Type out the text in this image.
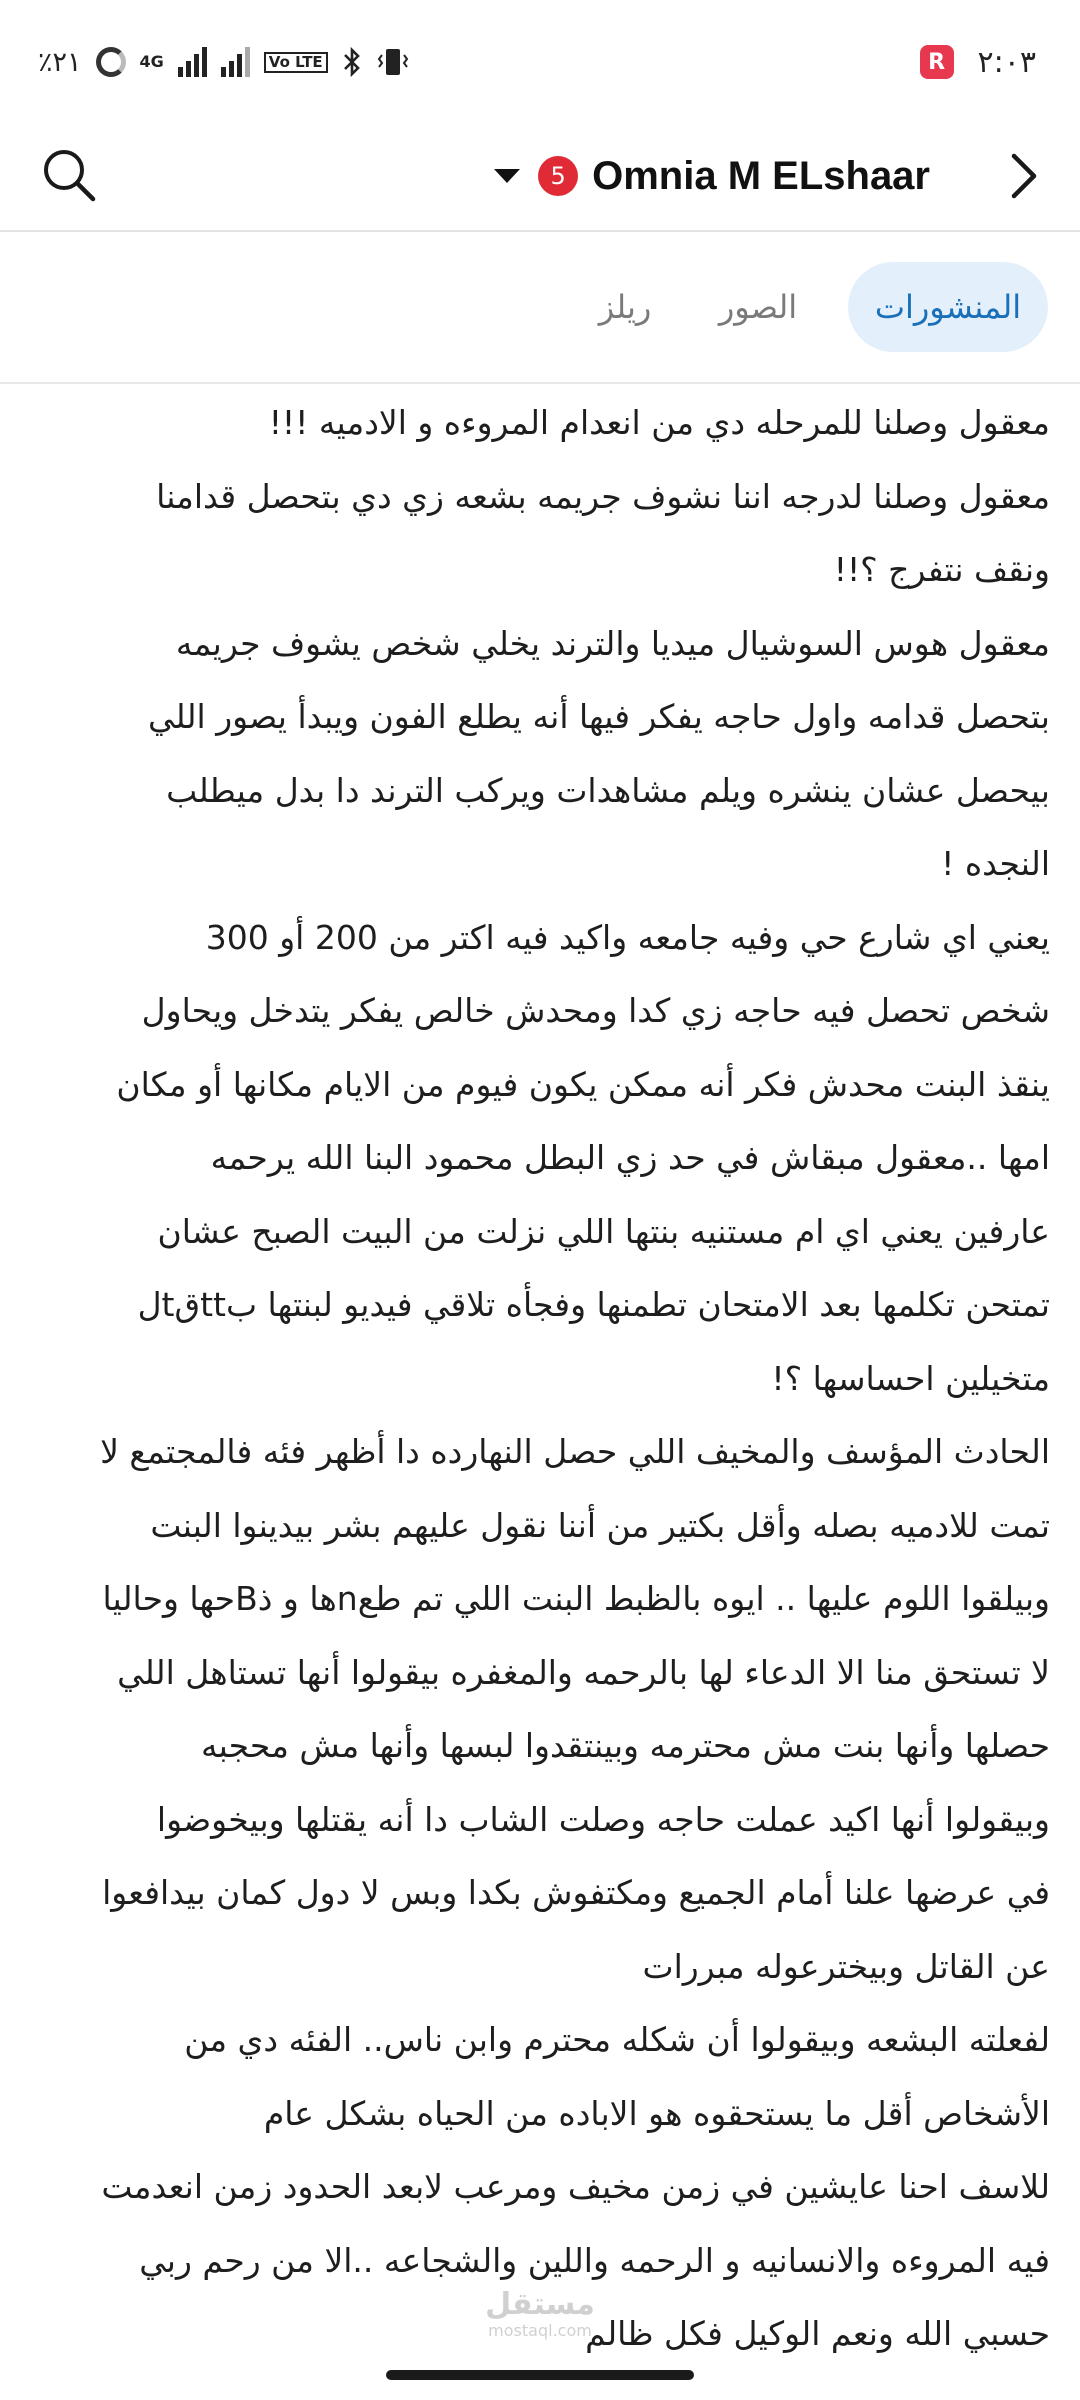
٪٢١	4G	Vo LTE	R ٢:٠٣
5 Omnia M ELshaar
المنشورات
الصور
ريلز
معقول وصلنا للمرحله دي من انعدام المروءه و الادميه !!!
معقول وصلنا لدرجه اننا نشوف جريمه بشعه زي دي بتحصل قدامنا
ونقف نتفرج ؟!!
معقول هوس السوشيال ميديا والترند يخلي شخص يشوف جريمه
بتحصل قدامه واول حاجه يفكر فيها أنه يطلع الفون ويبدأ يصور اللي
بيحصل عشان ينشره ويلم مشاهدات ويركب الترند دا بدل ميطلب
النجده !
يعني اي شارع حي وفيه جامعه واكيد فيه اكتر من 200 أو 300
شخص تحصل فيه حاجه زي كدا ومحدش خالص يفكر يتدخل ويحاول
ينقذ البنت محدش فكر أنه ممكن يكون فيوم من الايام مكانها أو مكان
امها ..معقول مبقاش في حد زي البطل محمود البنا الله يرحمه
عارفين يعني اي ام مستنيه بنتها اللي نزلت من البيت الصبح عشان
تمتحن تكلمها بعد الامتحان تطمنها وفجأه تلاقي فيديو لبنتها بttقtل
متخيلين احساسها ؟!
الحادث المؤسف والمخيف اللي حصل النهارده دا أظهر فئه فالمجتمع لا
تمت للادميه بصله وأقل بكتير من أننا نقول عليهم بشر بيدينوا البنت
وبيلقوا اللوم عليها .. ايوه بالظبط البنت اللي تم طعnها و ذBحها وحاليا
لا تستحق منا الا الدعاء لها بالرحمه والمغفره بيقولوا أنها تستاهل اللي
حصلها وأنها بنت مش محترمه وبينتقدوا لبسها وأنها مش محجبه
وبيقولوا أنها اكيد عملت حاجه وصلت الشاب دا أنه يقتلها وبيخوضوا
في عرضها علنا أمام الجميع ومكتفوش بكدا وبس لا دول كمان بيدافعوا
عن القاتل وبيخترعوله مبررات
لفعلته البشعه وبيقولوا أن شكله محترم وابن ناس.. الفئه دي من
الأشخاص أقل ما يستحقوه هو الاباده من الحياه بشكل عام
للاسف احنا عايشين في زمن مخيف ومرعب لابعد الحدود زمن انعدمت
فيه المروءه والانسانيه و الرحمه واللين والشجاعه ..الا من رحم ربي
حسبي الله ونعم الوكيل فكل ظالم
مستقل
mostaql.com
